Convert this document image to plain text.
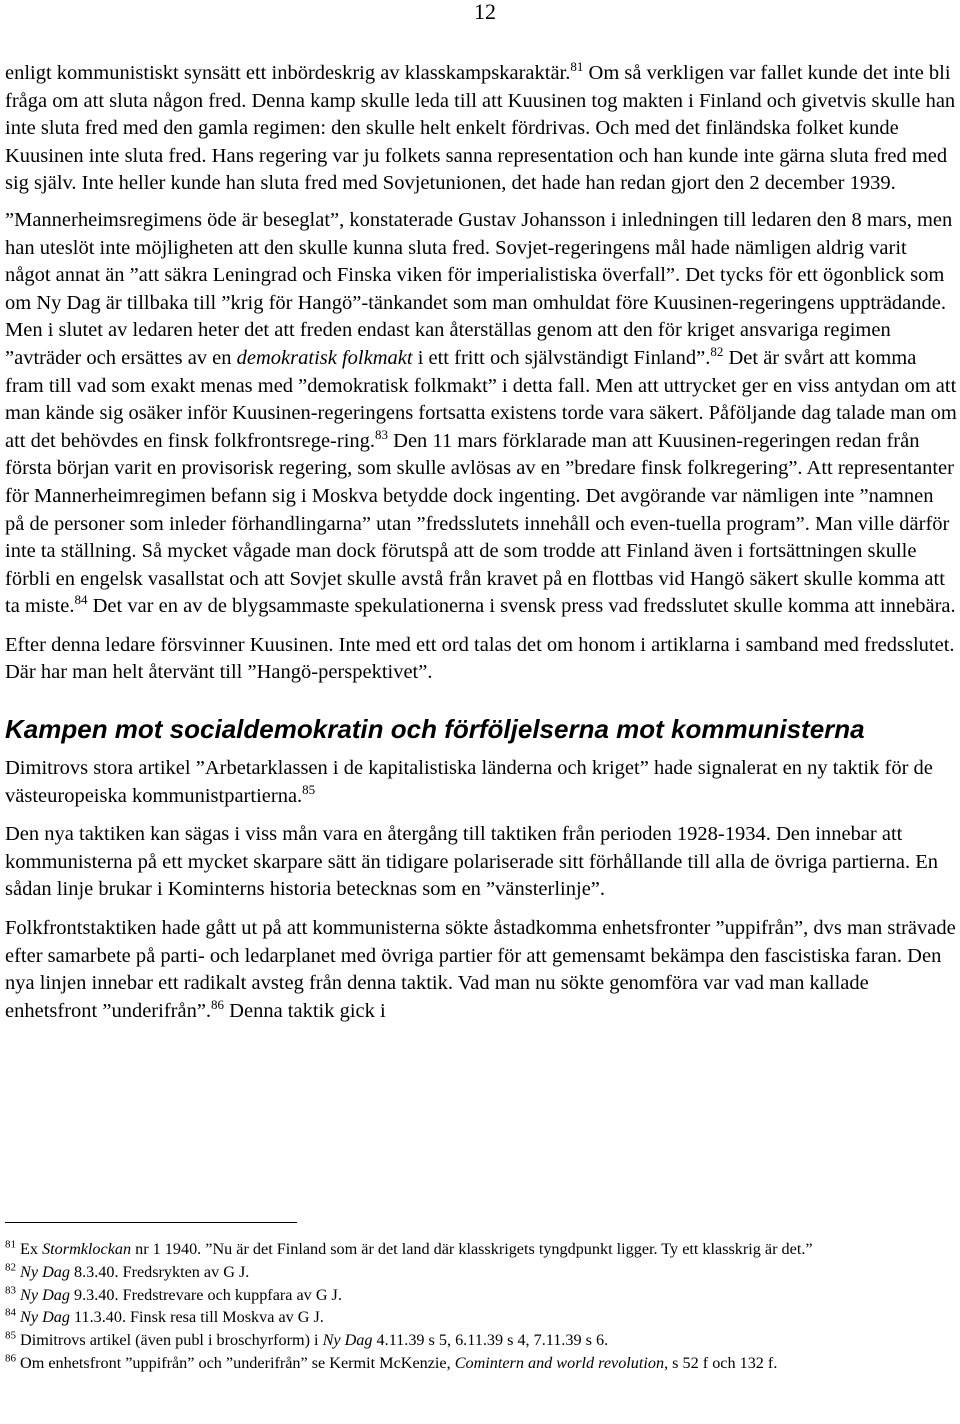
12

enligt kommunistiskt synsätt ett inbördeskrig av klasskampskaraktär.$^{81}$ Om så verkligen var fallet kunde det inte bli fråga om att sluta någon fred. Denna kamp skulle leda till att Kuusinen tog makten i Finland och givetvis skulle han inte sluta fred med den gamla regimen: den skulle helt enkelt fördrivas. Och med det finländska folket kunde Kuusinen inte sluta fred. Hans regering var ju folkets sanna representation och han kunde inte gärna sluta fred med sig själv. Inte heller kunde han sluta fred med Sovjetunionen, det hade han redan gjort den 2 december 1939.

”Mannerheimsregimens öde är beseglat”, konstaterade Gustav Johansson i inledningen till ledaren den 8 mars, men han uteslöt inte möjligheten att den skulle kunna sluta fred. Sovjet-regeringens mål hade nämligen aldrig varit något annat än ”att säkra Leningrad och Finska viken för imperialistiska överfall”. Det tycks för ett ögonblick som om Ny Dag är tillbaka till ”krig för Hangö”-tänkandet som man omhuldat före Kuusinen-regeringens uppträdande. Men i slutet av ledaren heter det att freden endast kan återställas genom att den för kriget ansvariga regimen ”avträder och ersättes av en demokratisk folkmakt i ett fritt och självständigt Finland”.$^{82}$ Det är svårt att komma fram till vad som exakt menas med ”demokratisk folkmakt” i detta fall. Men att uttrycket ger en viss antydan om att man kände sig osäker inför Kuusinen-regeringens fortsatta existens torde vara säkert. Påföljande dag talade man om att det behövdes en finsk folkfrontsrege-ring.$^{83}$ Den 11 mars förklarade man att Kuusinen-regeringen redan från första början varit en provisorisk regering, som skulle avlösas av en ”bredare finsk folkregering”. Att representanter för Mannerheimregimen befann sig i Moskva betydde dock ingenting. Det avgörande var nämligen inte ”namnen på de personer som inleder förhandlingarna” utan ”fredsslutets innehåll och even-tuella program”. Man ville därför inte ta ställning. Så mycket vågade man dock förutspå att de som trodde att Finland även i fortsättningen skulle förbli en engelsk vasallstat och att Sovjet skulle avstå från kravet på en flottbas vid Hangö säkert skulle komma att ta miste.$^{84}$ Det var en av de blygsammaste spekulationerna i svensk press vad fredsslutet skulle komma att innebära.

Efter denna ledare försvinner Kuusinen. Inte med ett ord talas det om honom i artiklarna i samband med fredsslutet. Där har man helt återvänt till ”Hangö-perspektivet”.

Kampen mot socialdemokratin och förföljelserna mot kommunisterna

Dimitrovs stora artikel ”Arbetarklassen i de kapitalistiska länderna och kriget” hade signalerat en ny taktik för de västeuropeiska kommunistpartierna.$^{85}$

Den nya taktiken kan sägas i viss mån vara en återgång till taktiken från perioden 1928-1934. Den innebar att kommunisterna på ett mycket skarpare sätt än tidigare polariserade sitt förhållande till alla de övriga partierna. En sådan linje brukar i Kominterns historia betecknas som en ”vänsterlinje”.

Folkfrontstaktiken hade gått ut på att kommunisterna sökte åstadkomma enhetsfronter ”uppifrån”, dvs man strävade efter samarbete på parti- och ledarplanet med övriga partier för att gemensamt bekämpa den fascistiska faran. Den nya linjen innebar ett radikalt avsteg från denna taktik. Vad man nu sökte genomföra var vad man kallade enhetsfront ”underifrån”.$^{86}$ Denna taktik gick i

$^{81}$ Ex Stormklockan nr 1 1940. ”Nu är det Finland som är det land där klasskrigets tyngdpunkt ligger. Ty ett klasskrig är det.”

$^{82}$ Ny Dag 8.3.40. Fredsrykten av G J.

$^{83}$ Ny Dag 9.3.40. Fredstrevare och kuppfara av G J.

$^{84}$ Ny Dag 11.3.40. Finsk resa till Moskva av G J.

$^{85}$ Dimitrovs artikel (även publ i broschyrform) i Ny Dag 4.11.39 s 5, 6.11.39 s 4, 7.11.39 s 6.

$^{86}$ Om enhetsfront ”uppifrån” och ”underifrån” se Kermit McKenzie, Comintern and world revolution, s 52 f och 132 f.
